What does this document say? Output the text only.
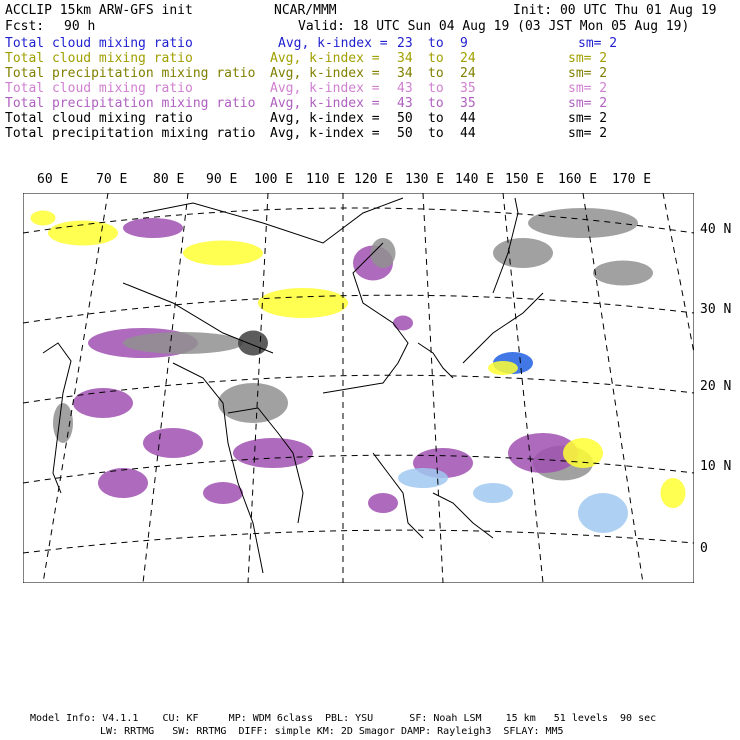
ACCLIP 15km ARW-GFS init	NCAR/MMM	Init: 00 UTC Thu 01 Aug 19
Fcst: 90 h	Valid: 18 UTC Sun 04 Aug 19 (03 JST Mon 05 Aug 19)
Total cloud mixing ratio	Avg, k-index = 23 to 9	sm= 2
Total cloud mixing ratio	Avg, k-index = 34 to 24	sm= 2
Total precipitation mixing ratio Avg, k-index = 34 to 24	sm= 2
Total cloud mixing ratio	Avg, k-index = 43 to 35	sm= 2
Total precipitation mixing ratio Avg, k-index = 43 to 35	sm= 2
Total cloud mixing ratio	Avg, k-index = 50 to 44	sm= 2
Total precipitation mixing ratio Avg, k-index = 50 to 44	sm= 2
60 E 70 E 80 E 90 E 100 E 110 E 120 E 130 E 140 E 150 E 160 E 170 E
40 N
30 N
20 N
10 N
0
Model Info: V4.1.1    CU: KF     MP: WDM 6class  PBL: YSU      SF: Noah LSM    15 km   51 levels  90 sec
LW: RRTMG   SW: RRTMG  DIFF: simple KM: 2D Smagor DAMP: Rayleigh3  SFLAY: MM5
